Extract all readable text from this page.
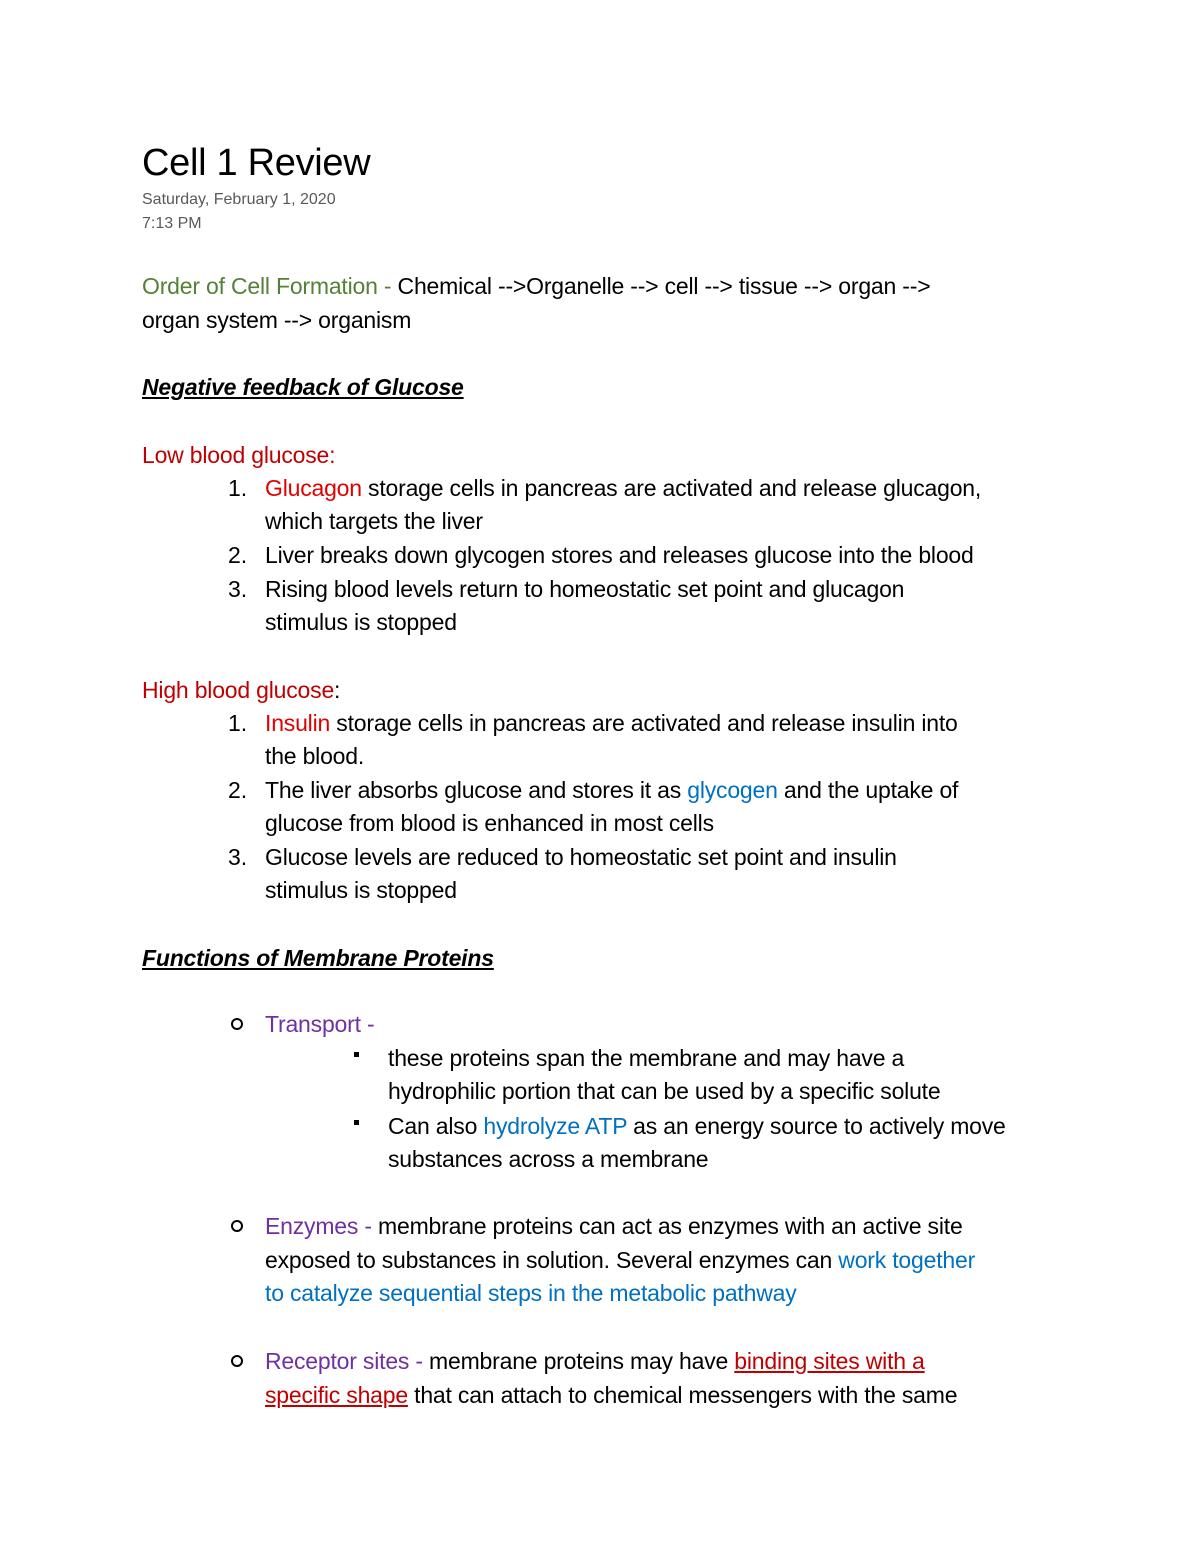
Cell 1 Review
Saturday, February 1, 2020
7:13 PM
Order of Cell Formation - Chemical -->Organelle --> cell --> tissue --> organ -->
organ system --> organism
Negative feedback of Glucose
Low blood glucose:
1. Glucagon storage cells in pancreas are activated and release glucagon,
which targets the liver
2. Liver breaks down glycogen stores and releases glucose into the blood
3. Rising blood levels return to homeostatic set point and glucagon
stimulus is stopped
High blood glucose:
1. Insulin storage cells in pancreas are activated and release insulin into
the blood.
2. The liver absorbs glucose and stores it as glycogen and the uptake of
glucose from blood is enhanced in most cells
3. Glucose levels are reduced to homeostatic set point and insulin
stimulus is stopped
Functions of Membrane Proteins
Transport -
these proteins span the membrane and may have a
hydrophilic portion that can be used by a specific solute
Can also hydrolyze ATP as an energy source to actively move
substances across a membrane
Enzymes - membrane proteins can act as enzymes with an active site
exposed to substances in solution. Several enzymes can work together
to catalyze sequential steps in the metabolic pathway
Receptor sites - membrane proteins may have binding sites with a
specific shape that can attach to chemical messengers with the same
